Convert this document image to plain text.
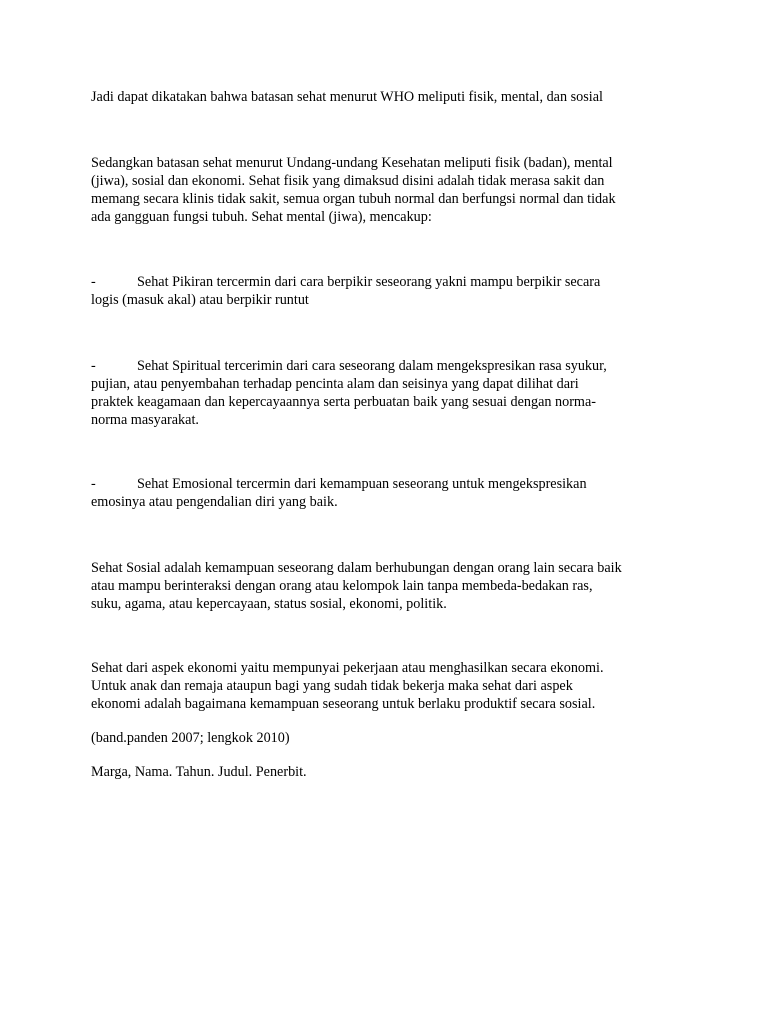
Jadi dapat dikatakan bahwa batasan sehat menurut WHO meliputi fisik, mental, dan sosial

Sedangkan batasan sehat menurut Undang-undang Kesehatan meliputi fisik (badan), mental
(jiwa), sosial dan ekonomi. Sehat fisik yang dimaksud disini adalah tidak merasa sakit dan
memang secara klinis tidak sakit, semua organ tubuh normal dan berfungsi normal dan tidak
ada gangguan fungsi tubuh. Sehat mental (jiwa), mencakup:

-	Sehat Pikiran tercermin dari cara berpikir seseorang yakni mampu berpikir secara
logis (masuk akal) atau berpikir runtut

-	Sehat Spiritual tercerimin dari cara seseorang dalam mengekspresikan rasa syukur,
pujian, atau penyembahan terhadap pencinta alam dan seisinya yang dapat dilihat dari
praktek keagamaan dan kepercayaannya serta perbuatan baik yang sesuai dengan norma-
norma masyarakat.

-	Sehat Emosional tercermin dari kemampuan seseorang untuk mengekspresikan
emosinya atau pengendalian diri yang baik.

Sehat Sosial adalah kemampuan seseorang dalam berhubungan dengan orang lain secara baik
atau mampu berinteraksi dengan orang atau kelompok lain tanpa membeda-bedakan ras,
suku, agama, atau kepercayaan, status sosial, ekonomi, politik.

Sehat dari aspek ekonomi yaitu mempunyai pekerjaan atau menghasilkan secara ekonomi.
Untuk anak dan remaja ataupun bagi yang sudah tidak bekerja maka sehat dari aspek
ekonomi adalah bagaimana kemampuan seseorang untuk berlaku produktif secara sosial.

(band.panden 2007; lengkok 2010)

Marga, Nama. Tahun. Judul. Penerbit.
